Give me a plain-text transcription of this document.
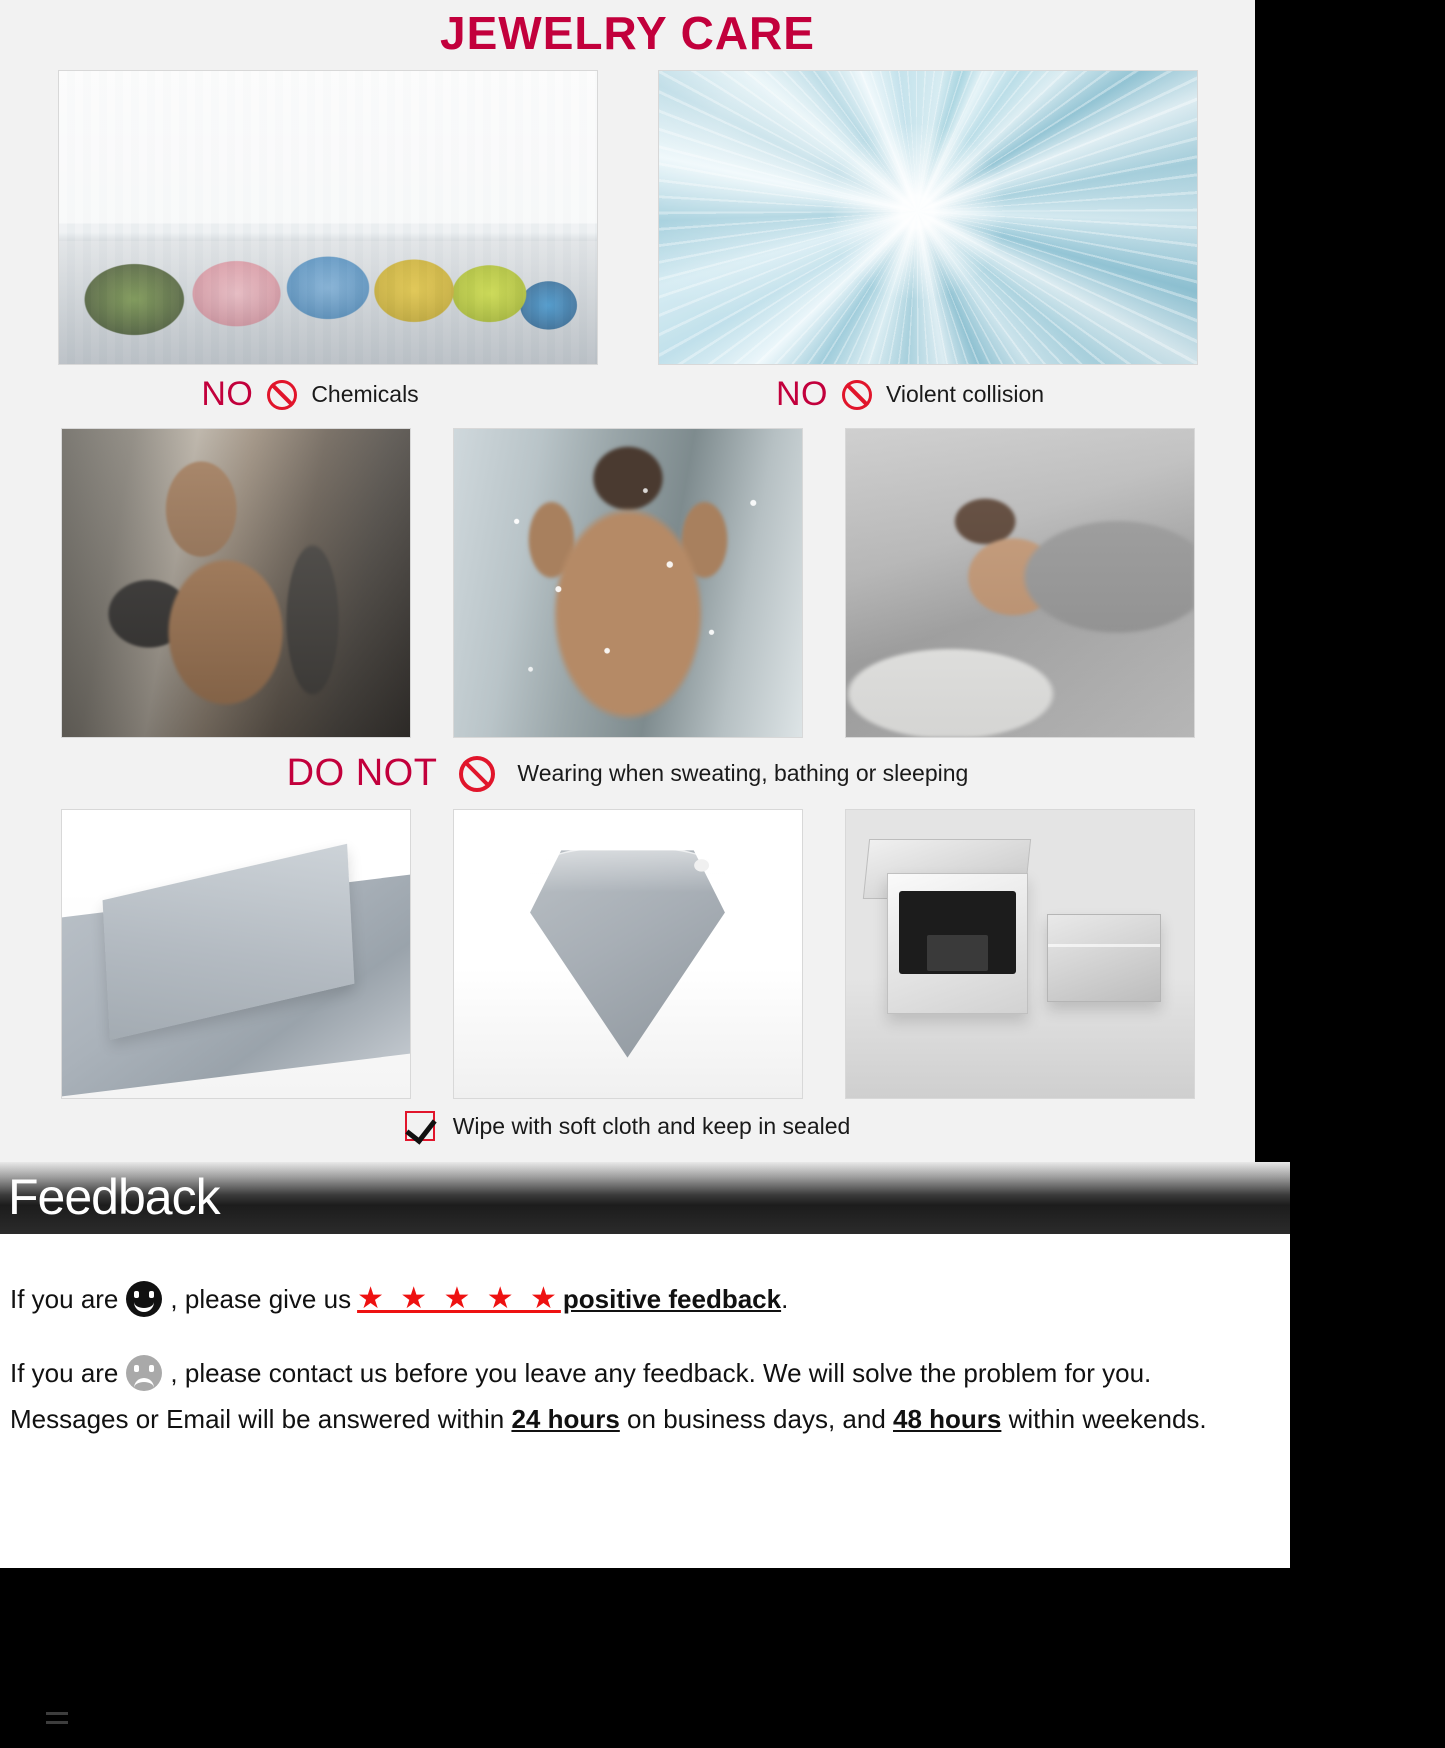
JEWELRY CARE
NO	Chemicals	NO	Violent collision
DO NOT	Wearing when sweating, bathing or sleeping
Wipe with soft cloth and keep in sealed
Feedback
If you are , please give us ★ ★ ★ ★ ★ positive feedback .
If you are , please contact us before you leave any feedback. We will solve the problem for you.
Messages or Email will be answered within
24 hours
on business days, and
48 hours
within weekends.
